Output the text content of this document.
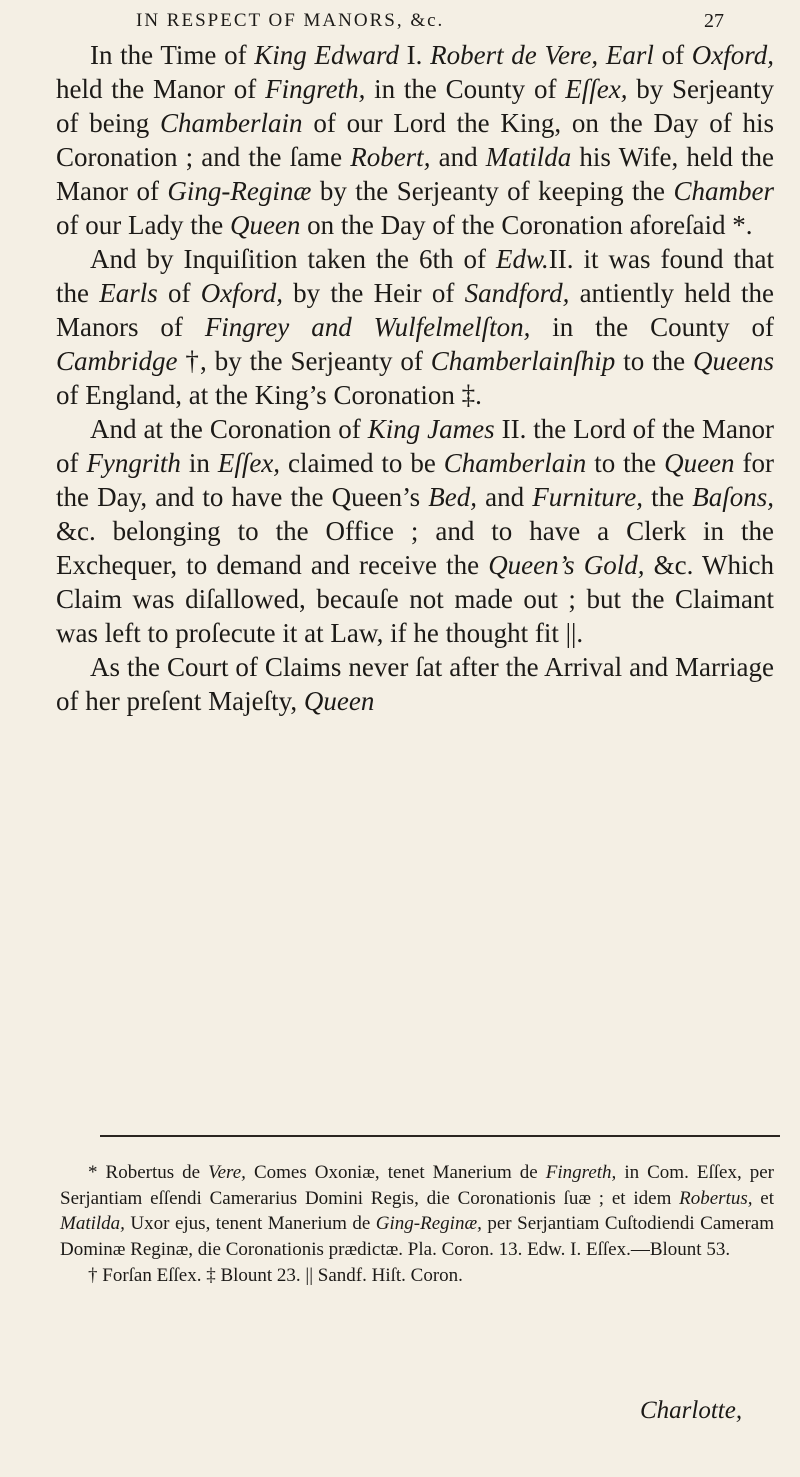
IN RESPECT OF MANORS, &c.	27

In the Time of King Edward I. Robert de Vere, Earl of Oxford, held the Manor of Fingreth, in the County of Eſſex, by Serjeanty of being Chamberlain of our Lord the King, on the Day of his Coronation ; and the ſame Robert, and Matilda his Wife, held the Manor of Ging-Reginæ by the Serjeanty of keeping the Chamber of our Lady the Queen on the Day of the Coronation aforeſaid *.

And by Inquiſition taken the 6th of Edw.II. it was found that the Earls of Oxford, by the Heir of Sandford, antiently held the Manors of Fingrey and Wulfelmelſton, in the County of Cambridge †, by the Serjeanty of Chamberlainſhip to the Queens of England, at the King’s Coronation ‡.

And at the Coronation of King James II. the Lord of the Manor of Fyngrith in Eſſex, claimed to be Chamberlain to the Queen for the Day, and to have the Queen’s Bed, and Furniture, the Baſons, &c. belonging to the Office ; and to have a Clerk in the Exchequer, to demand and receive the Queen’s Gold, &c. Which Claim was diſallowed, becauſe not made out ; but the Claimant was left to proſecute it at Law, if he thought fit ||.

As the Court of Claims never ſat after the Arrival and Marriage of her preſent Majeſty, Queen

* Robertus de Vere, Comes Oxoniæ, tenet Manerium de Fingreth, in Com. Eſſex, per Serjantiam eſſendi Camerarius Domini Regis, die Coronationis ſuæ ; et idem Robertus, et Matilda, Uxor ejus, tenent Manerium de Ging-Reginæ, per Serjantiam Cuſtodiendi Cameram Dominæ Reginæ, die Coronationis prædictæ. Pla. Coron. 13. Edw. I. Eſſex.—Blount 53.

† Forſan Eſſex. ‡ Blount 23. || Sandf. Hiſt. Coron.

Charlotte,
